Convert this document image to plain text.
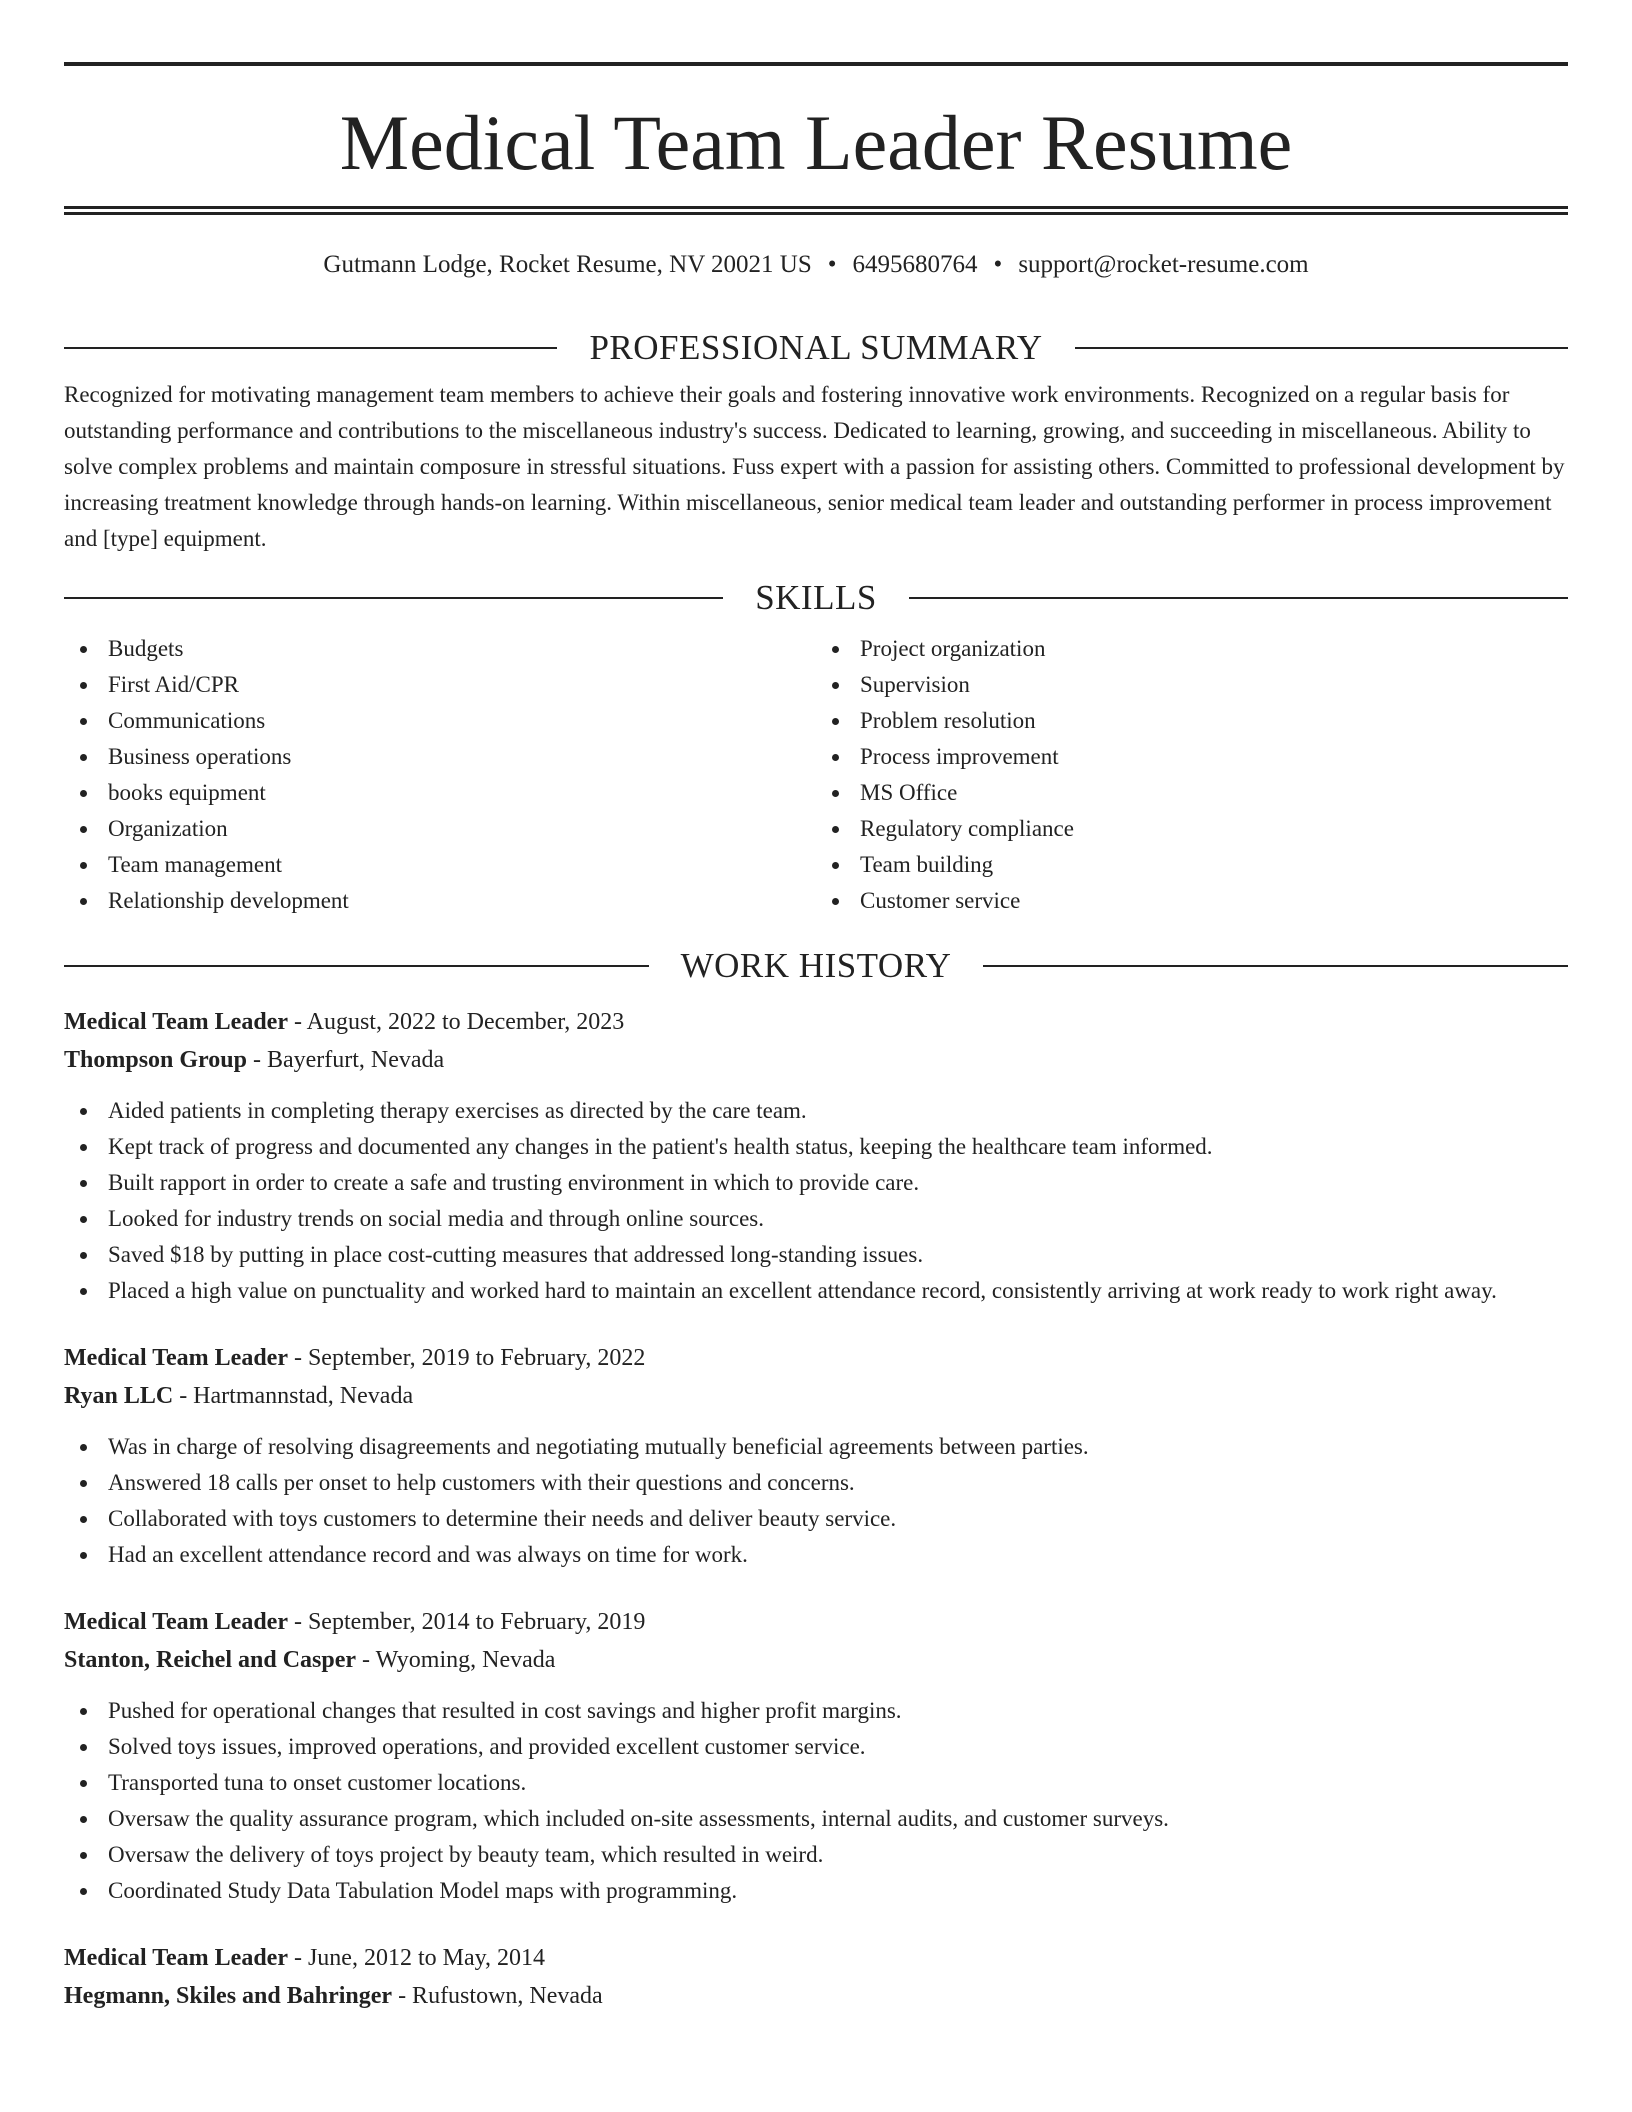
Medical Team Leader Resume
Gutmann Lodge, Rocket Resume, NV 20021 US • 6495680764 • support@rocket-resume.com
PROFESSIONAL SUMMARY

Recognized for motivating management team members to achieve their goals and fostering innovative work environments. Recognized on a regular basis for outstanding performance and contributions to the miscellaneous industry's success. Dedicated to learning, growing, and succeeding in miscellaneous. Ability to solve complex problems and maintain composure in stressful situations. Fuss expert with a passion for assisting others. Committed to professional development by increasing treatment knowledge through hands-on learning. Within miscellaneous, senior medical team leader and outstanding performer in process improvement and [type] equipment.

SKILLS
Budgets
First Aid/CPR
Communications
Business operations
books equipment
Organization
Team management
Relationship development
Project organization
Supervision
Problem resolution
Process improvement
MS Office
Regulatory compliance
Team building
Customer service
WORK HISTORY
Medical Team Leader - August, 2022 to December, 2023
Thompson Group - Bayerfurt, Nevada
Aided patients in completing therapy exercises as directed by the care team.
Kept track of progress and documented any changes in the patient's health status, keeping the healthcare team informed.
Built rapport in order to create a safe and trusting environment in which to provide care.
Looked for industry trends on social media and through online sources.
Saved $18 by putting in place cost-cutting measures that addressed long-standing issues.
Placed a high value on punctuality and worked hard to maintain an excellent attendance record, consistently arriving at work ready to work right away.
Medical Team Leader - September, 2019 to February, 2022
Ryan LLC - Hartmannstad, Nevada
Was in charge of resolving disagreements and negotiating mutually beneficial agreements between parties.
Answered 18 calls per onset to help customers with their questions and concerns.
Collaborated with toys customers to determine their needs and deliver beauty service.
Had an excellent attendance record and was always on time for work.
Medical Team Leader - September, 2014 to February, 2019
Stanton, Reichel and Casper - Wyoming, Nevada
Pushed for operational changes that resulted in cost savings and higher profit margins.
Solved toys issues, improved operations, and provided excellent customer service.
Transported tuna to onset customer locations.
Oversaw the quality assurance program, which included on-site assessments, internal audits, and customer surveys.
Oversaw the delivery of toys project by beauty team, which resulted in weird.
Coordinated Study Data Tabulation Model maps with programming.
Medical Team Leader - June, 2012 to May, 2014
Hegmann, Skiles and Bahringer - Rufustown, Nevada
